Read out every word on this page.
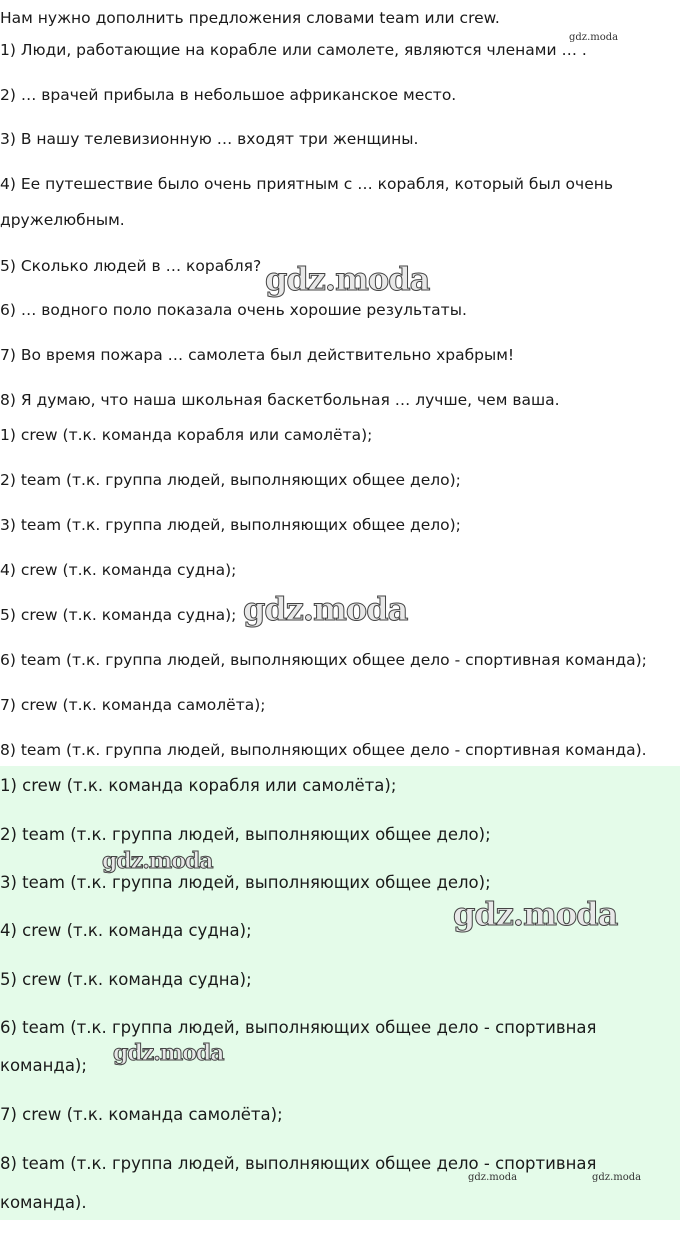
Нам нужно дополнить предложения словами team или crew.
1) Люди, работающие на корабле или самолете, являются членами … .
2) … врачей прибыла в небольшое африканское место.
3) В нашу телевизионную … входят три женщины.
4) Ее путешествие было очень приятным с … корабля, который был очень
дружелюбным.
5) Сколько людей в … корабля?
6) … водного поло показала очень хорошие результаты.
7) Во время пожара … самолета был действительно храбрым!
8) Я думаю, что наша школьная баскетбольная … лучше, чем ваша.
1) crew (т.к. команда корабля или самолёта);
2) team (т.к. группа людей, выполняющих общее дело);
3) team (т.к. группа людей, выполняющих общее дело);
4) crew (т.к. команда судна);
5) crew (т.к. команда судна);
6) team (т.к. группа людей, выполняющих общее дело - спортивная команда);
7) crew (т.к. команда самолёта);
8) team (т.к. группа людей, выполняющих общее дело - спортивная команда).
1) crew (т.к. команда корабля или самолёта);
2) team (т.к. группа людей, выполняющих общее дело);
3) team (т.к. группа людей, выполняющих общее дело);
4) crew (т.к. команда судна);
5) crew (т.к. команда судна);
6) team (т.к. группа людей, выполняющих общее дело - спортивная
команда);
7) crew (т.к. команда самолёта);
8) team (т.к. группа людей, выполняющих общее дело - спортивная
команда).
gdz.moda
gdz.moda
gdz.moda
gdz.moda
gdz.moda
gdz.moda
gdz.moda	gdz.moda
